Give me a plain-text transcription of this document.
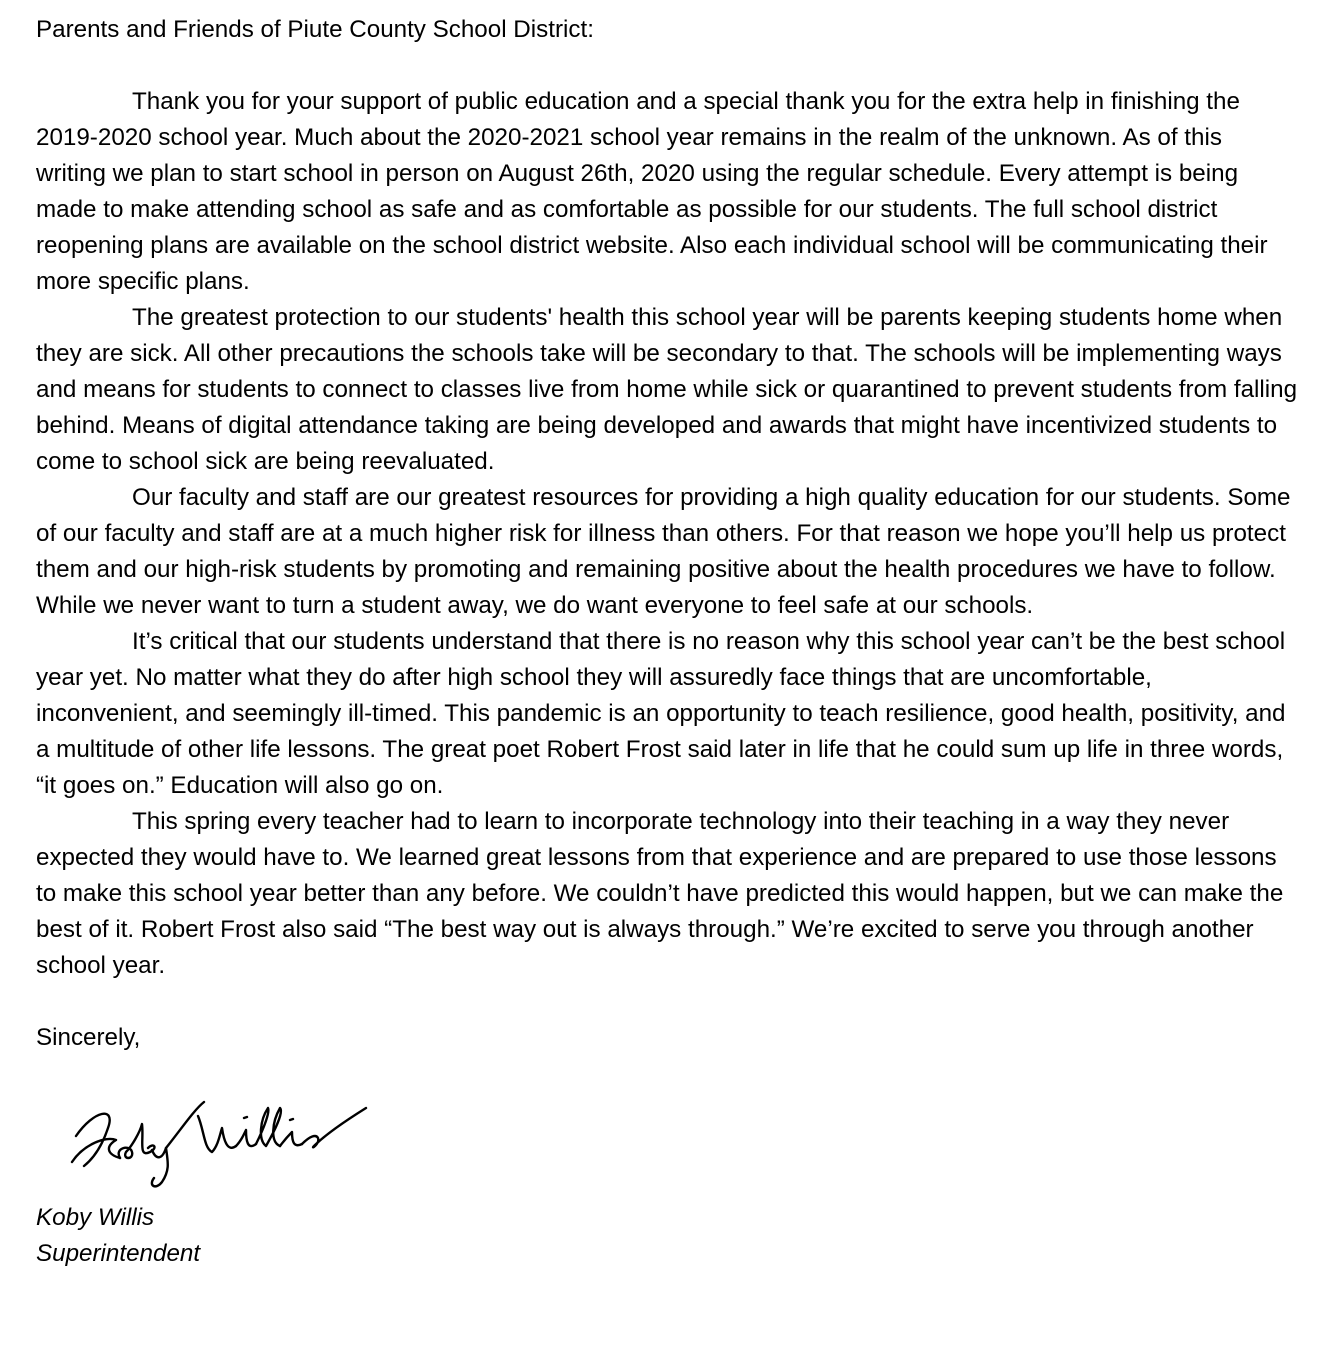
Parents and Friends of Piute County School District:

Thank you for your support of public education and a special thank you for the extra help in finishing the 2019-2020 school year. Much about the 2020-2021 school year remains in the realm of the unknown. As of this writing we plan to start school in person on August 26th, 2020 using the regular schedule. Every attempt is being made to make attending school as safe and as comfortable as possible for our students. The full school district reopening plans are available on the school district website. Also each individual school will be communicating their more specific plans.

The greatest protection to our students' health this school year will be parents keeping students home when they are sick. All other precautions the schools take will be secondary to that. The schools will be implementing ways and means for students to connect to classes live from home while sick or quarantined to prevent students from falling behind. Means of digital attendance taking are being developed and awards that might have incentivized students to come to school sick are being reevaluated.

Our faculty and staff are our greatest resources for providing a high quality education for our students. Some of our faculty and staff are at a much higher risk for illness than others. For that reason we hope you’ll help us protect them and our high-risk students by promoting and remaining positive about the health procedures we have to follow. While we never want to turn a student away, we do want everyone to feel safe at our schools.

It’s critical that our students understand that there is no reason why this school year can’t be the best school year yet. No matter what they do after high school they will assuredly face things that are uncomfortable, inconvenient, and seemingly ill-timed. This pandemic is an opportunity to teach resilience, good health, positivity, and a multitude of other life lessons. The great poet Robert Frost said later in life that he could sum up life in three words, “it goes on.” Education will also go on.

This spring every teacher had to learn to incorporate technology into their teaching in a way they never expected they would have to. We learned great lessons from that experience and are prepared to use those lessons to make this school year better than any before. We couldn’t have predicted this would happen, but we can make the best of it. Robert Frost also said “The best way out is always through.” We’re excited to serve you through another school year.

Sincerely,

Koby Willis

Superintendent
